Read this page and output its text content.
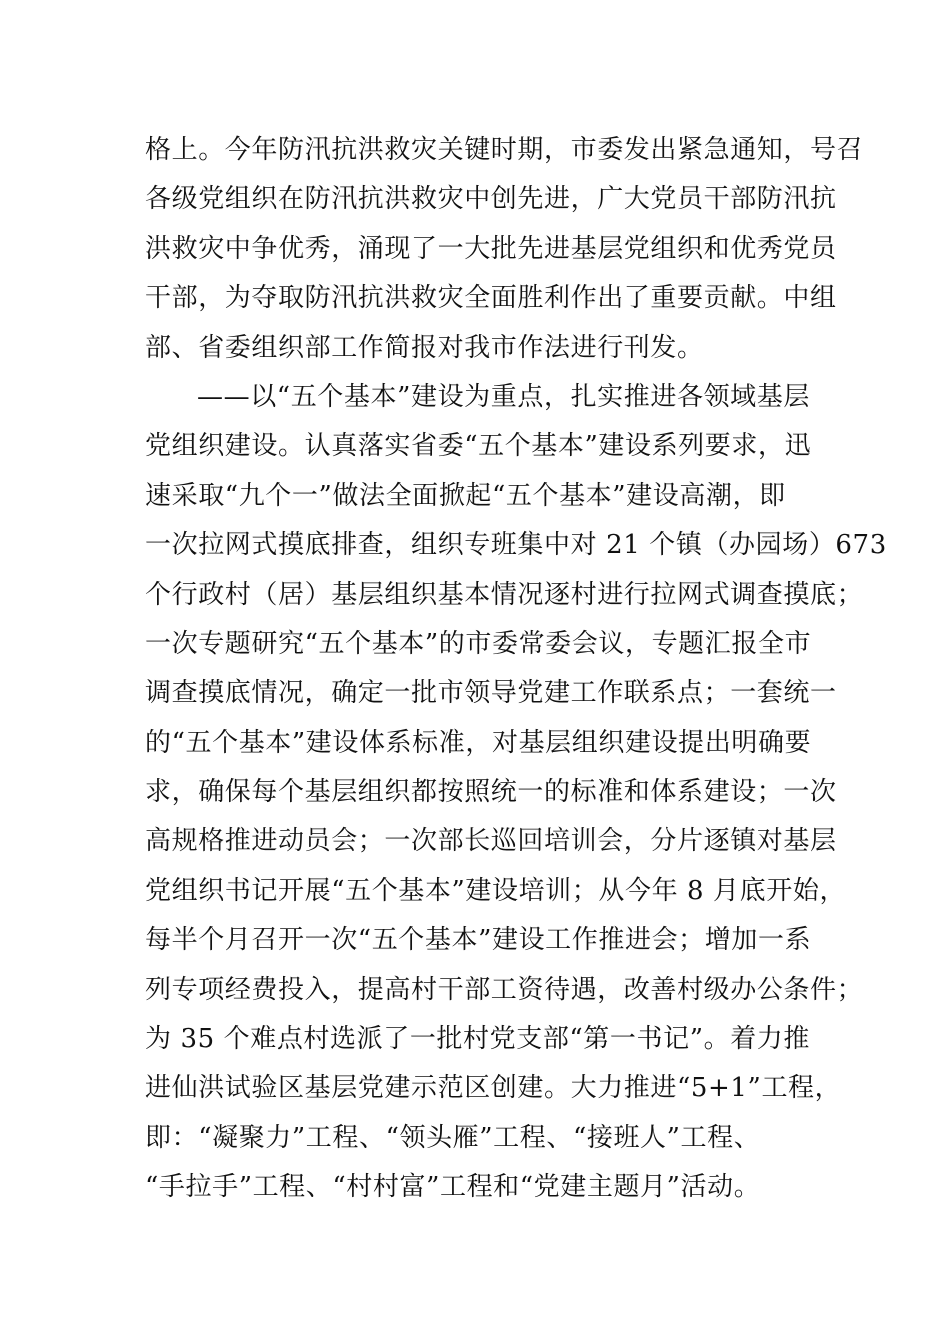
格上。今年防汛抗洪救灾关键时期，市委发出紧急通知，号召
各级党组织在防汛抗洪救灾中创先进，广大党员干部防汛抗
洪救灾中争优秀，涌现了一大批先进基层党组织和优秀党员
干部，为夺取防汛抗洪救灾全面胜利作出了重要贡献。中组
部、省委组织部工作简报对我市作法进行刊发。
——以“五个基本”建设为重点，扎实推进各领域基层
党组织建设。认真落实省委“五个基本”建设系列要求，迅
速采取“九个一”做法全面掀起“五个基本”建设高潮，即
一次拉网式摸底排查，组织专班集中对 21 个镇（办园场）673
个行政村（居）基层组织基本情况逐村进行拉网式调查摸底；
一次专题研究“五个基本”的市委常委会议，专题汇报全市
调查摸底情况，确定一批市领导党建工作联系点；一套统一
的“五个基本”建设体系标准，对基层组织建设提出明确要
求，确保每个基层组织都按照统一的标准和体系建设；一次
高规格推进动员会；一次部长巡回培训会，分片逐镇对基层
党组织书记开展“五个基本”建设培训；从今年 8 月底开始，
每半个月召开一次“五个基本”建设工作推进会；增加一系
列专项经费投入，提高村干部工资待遇，改善村级办公条件；
为 35 个难点村选派了一批村党支部“第一书记”。着力推
进仙洪试验区基层党建示范区创建。大力推进“5+1”工程，
即：“凝聚力”工程、“领头雁”工程、“接班人”工程、
“手拉手”工程、“村村富”工程和“党建主题月”活动。
